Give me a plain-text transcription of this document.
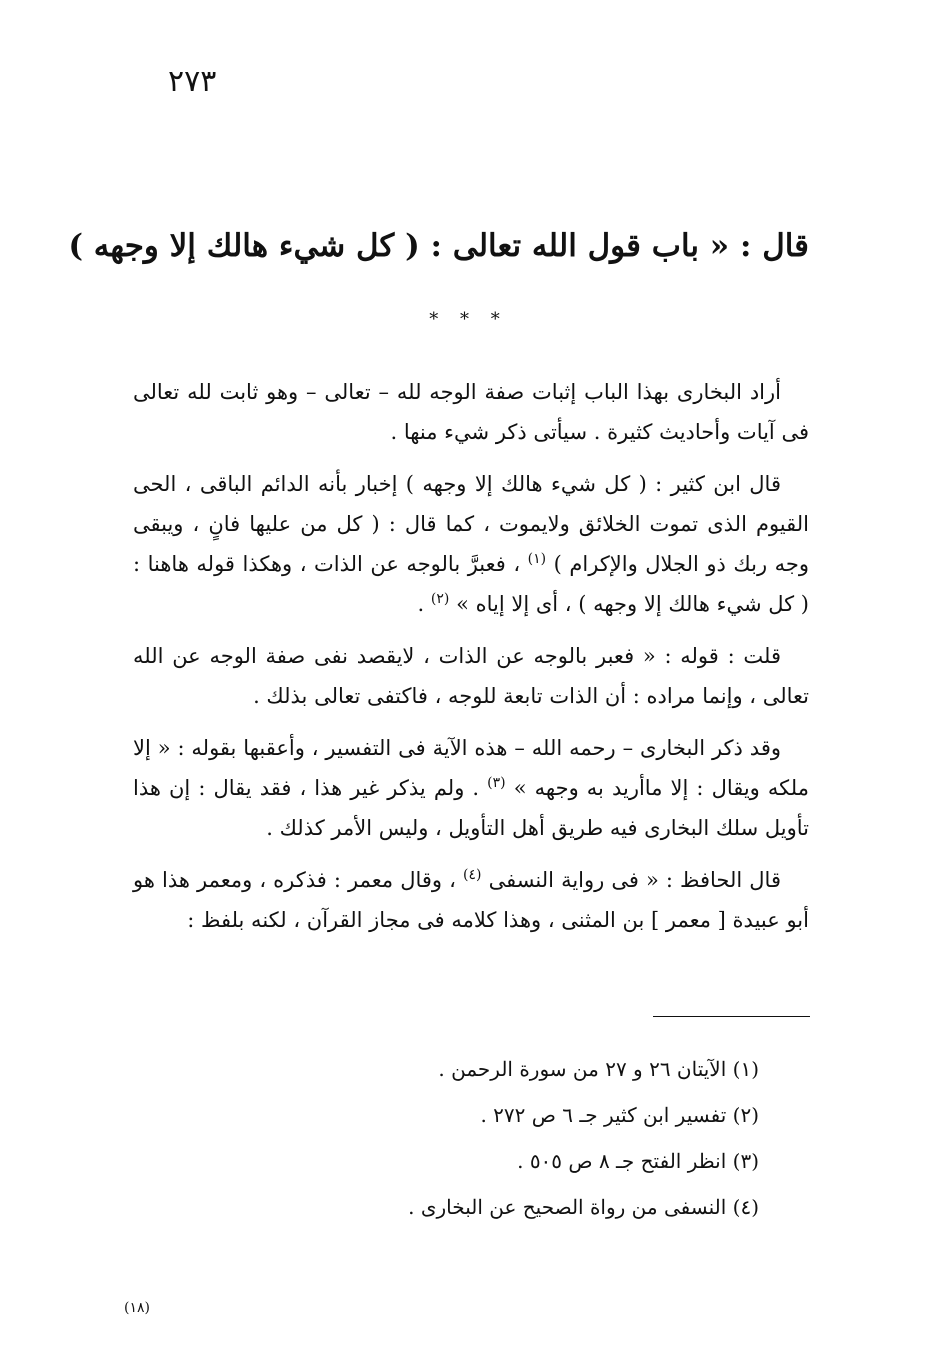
٢٧٣
قال : « باب قول الله تعالى : ( كل شيء هالك إلا وجهه )
* * *

أراد البخارى بهذا الباب إثبات صفة الوجه لله – تعالى – وهو ثابت لله تعالى فى آيات وأحاديث كثيرة . سيأتى ذكر شيء منها .

قال ابن كثير : ( كل شيء هالك إلا وجهه ) إخبار بأنه الدائم الباقى ، الحى القيوم الذى تموت الخلائق ولايموت ، كما قال : ( كل من عليها فانٍ ، ويبقى وجه ربك ذو الجلال والإكرام ) $^{(١)}$ ، فعبرَّ بالوجه عن الذات ، وهكذا قوله هاهنا : ( كل شيء هالك إلا وجهه ) ، أى إلا إياه » $^{(٢)}$ .

قلت : قوله : « فعبر بالوجه عن الذات ، لايقصد نفى صفة الوجه عن الله تعالى ، وإنما مراده : أن الذات تابعة للوجه ، فاكتفى تعالى بذلك .

وقد ذكر البخارى – رحمه الله – هذه الآية فى التفسير ، وأعقبها بقوله : « إلا ملكه ويقال : إلا ماأريد به وجهه » $^{(٣)}$ . ولم يذكر غير هذا ، فقد يقال : إن هذا تأويل سلك البخارى فيه طريق أهل التأويل ، وليس الأمر كذلك .

قال الحافظ : « فى رواية النسفى $^{(٤)}$ ، وقال معمر : فذكره ، ومعمر هذا هو أبو عبيدة [ معمر ] بن المثنى ، وهذا كلامه فى مجاز القرآن ، لكنه بلفظ :

(١) الآيتان ٢٦ و ٢٧ من سورة الرحمن .
(٢) تفسير ابن كثير جـ ٦ ص ٢٧٢ .
(٣) انظر الفتح جـ ٨ ص ٥٠٥ .
(٤) النسفى من رواة الصحيح عن البخارى .
(١٨)
